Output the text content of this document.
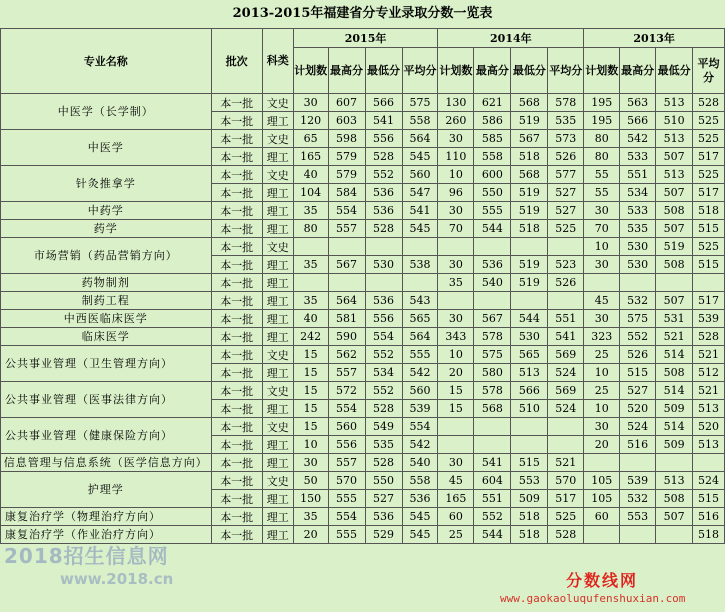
2013-2015年福建省分专业录取分数一览表
专业名称	批次	科类	2015年				2014年				2013年			
			计划数	最高分	最低分	平均分	计划数	最高分	最低分	平均分	计划数	最高分	最低分	平均分
中医学（长学制）	本一批	文史	30	607	566	575	130	621	568	578	195	563	513	528
	本一批	理工	120	603	541	558	260	586	519	535	195	566	510	525
中医学	本一批	文史	65	598	556	564	30	585	567	573	80	542	513	525
	本一批	理工	165	579	528	545	110	558	518	526	80	533	507	517
针灸推拿学	本一批	文史	40	579	552	560	10	600	568	577	55	551	513	525
	本一批	理工	104	584	536	547	96	550	519	527	55	534	507	517
中药学	本一批	理工	35	554	536	541	30	555	519	527	30	533	508	518
药学	本一批	理工	80	557	528	545	70	544	518	525	70	535	507	515
市场营销（药品营销方向）	本一批	文史									10	530	519	525
	本一批	理工	35	567	530	538	30	536	519	523	30	530	508	515
药物制剂	本一批	理工					35	540	519	526				
制药工程	本一批	理工	35	564	536	543					45	532	507	517
中西医临床医学	本一批	理工	40	581	556	565	30	567	544	551	30	575	531	539
临床医学	本一批	理工	242	590	554	564	343	578	530	541	323	552	521	528
公共事业管理（卫生管理方向）	本一批	文史	15	562	552	555	10	575	565	569	25	526	514	521
	本一批	理工	15	557	534	542	20	580	513	524	10	515	508	512
公共事业管理（医事法律方向）	本一批	文史	15	572	552	560	15	578	566	569	25	527	514	521
	本一批	理工	15	554	528	539	15	568	510	524	10	520	509	513
公共事业管理（健康保险方向）	本一批	文史	15	560	549	554					30	524	514	520
	本一批	理工	10	556	535	542					20	516	509	513
信息管理与信息系统（医学信息方向）	本一批	理工	30	557	528	540	30	541	515	521				
护理学	本一批	文史	50	570	550	558	45	604	553	570	105	539	513	524
	本一批	理工	150	555	527	536	165	551	509	517	105	532	508	515
康复治疗学（物理治疗方向）	本一批	理工	35	554	536	545	60	552	518	525	60	553	507	516
康复治疗学（作业治疗方向）	本一批	理工	20	555	529	545	25	544	518	528				518
2018招生信息网
www.2018.cn	分数线网
www.gaokaoluqufenshuxian.com
